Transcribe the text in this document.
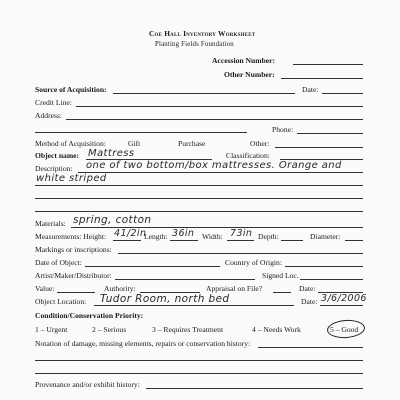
Coe Hall Inventory Worksheet
Planting Fields Foundation
Accession Number:
Other Number:
Source of Acquisition:	Date:
Credit Line:
Address:
Phone:
Method of Acquisition:	Gift	Purchase	Other:
Object name: Mattress	Classification:
Description: one of two bottom/box mattresses. Orange and
white striped
Materials: spring, cotton
Measurements: Height: 41/2in
Length: 36in Width: 73in Depth:	Diameter:
Markings or inscriptions:
Date of Object:	Country of Origin:
Artist/Maker/Distributor:	Signed Loc.
Value:	Authority:	Appraisal on File?	Date:
Object Location: Tudor Room, north bed	Date: 3/6/2006
Condition/Conservation Priority:
1 – Urgent	2 – Serious	3 – Requires Treatment	4 – Needs Work	5 – Good
Notation of damage, missing elements, repairs or conservation history:
Provenance and/or exhibit history:
